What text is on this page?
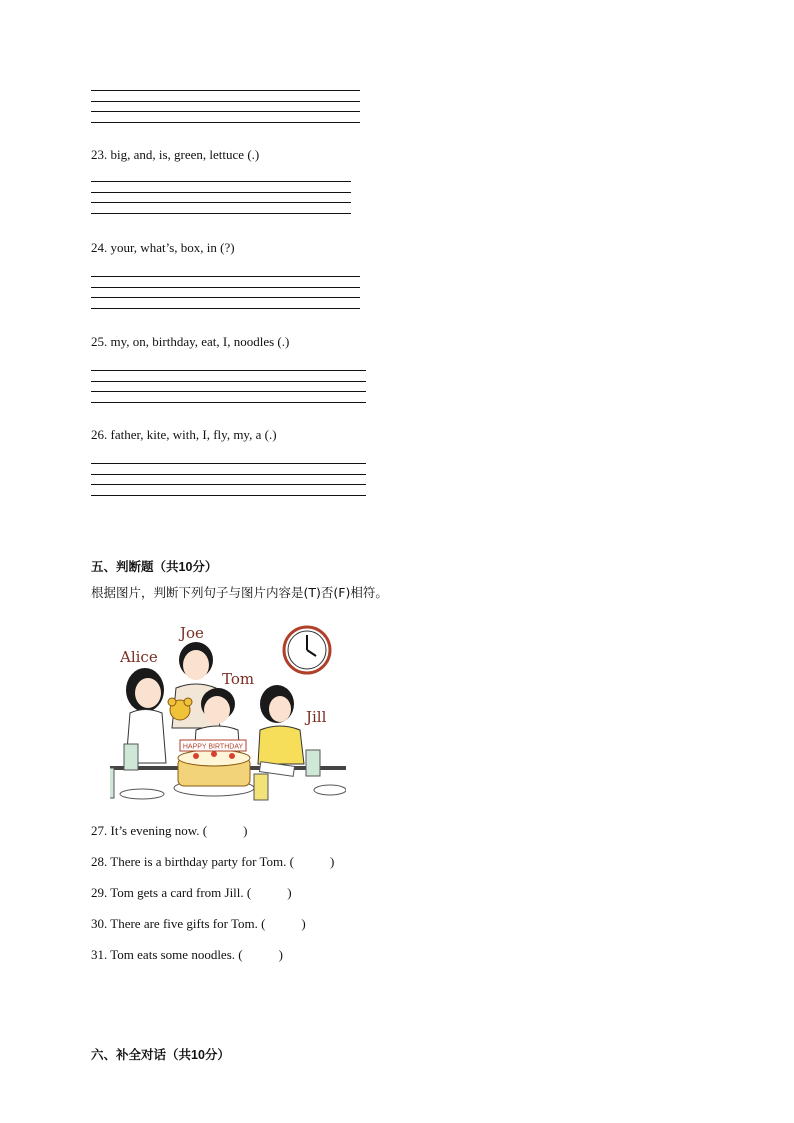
23. big, and, is, green, lettuce (.)
24. your, what’s, box, in (?)
25. my, on, birthday, eat, I, noodles (.)
26. father, kite, with, I, fly, my, a (.)
五、判断题（共10分）
根据图片，判断下列句子与图片内容是(T)否(F)相符。
HAPPY BIRTHDAY
Alice
Joe
Tom
Jill
27. It’s evening now. (	)
28. There is a birthday party for Tom. (	)
29. Tom gets a card from Jill. (	)
30. There are five gifts for Tom. (	)
31. Tom eats some noodles. (	)
六、补全对话（共10分）
